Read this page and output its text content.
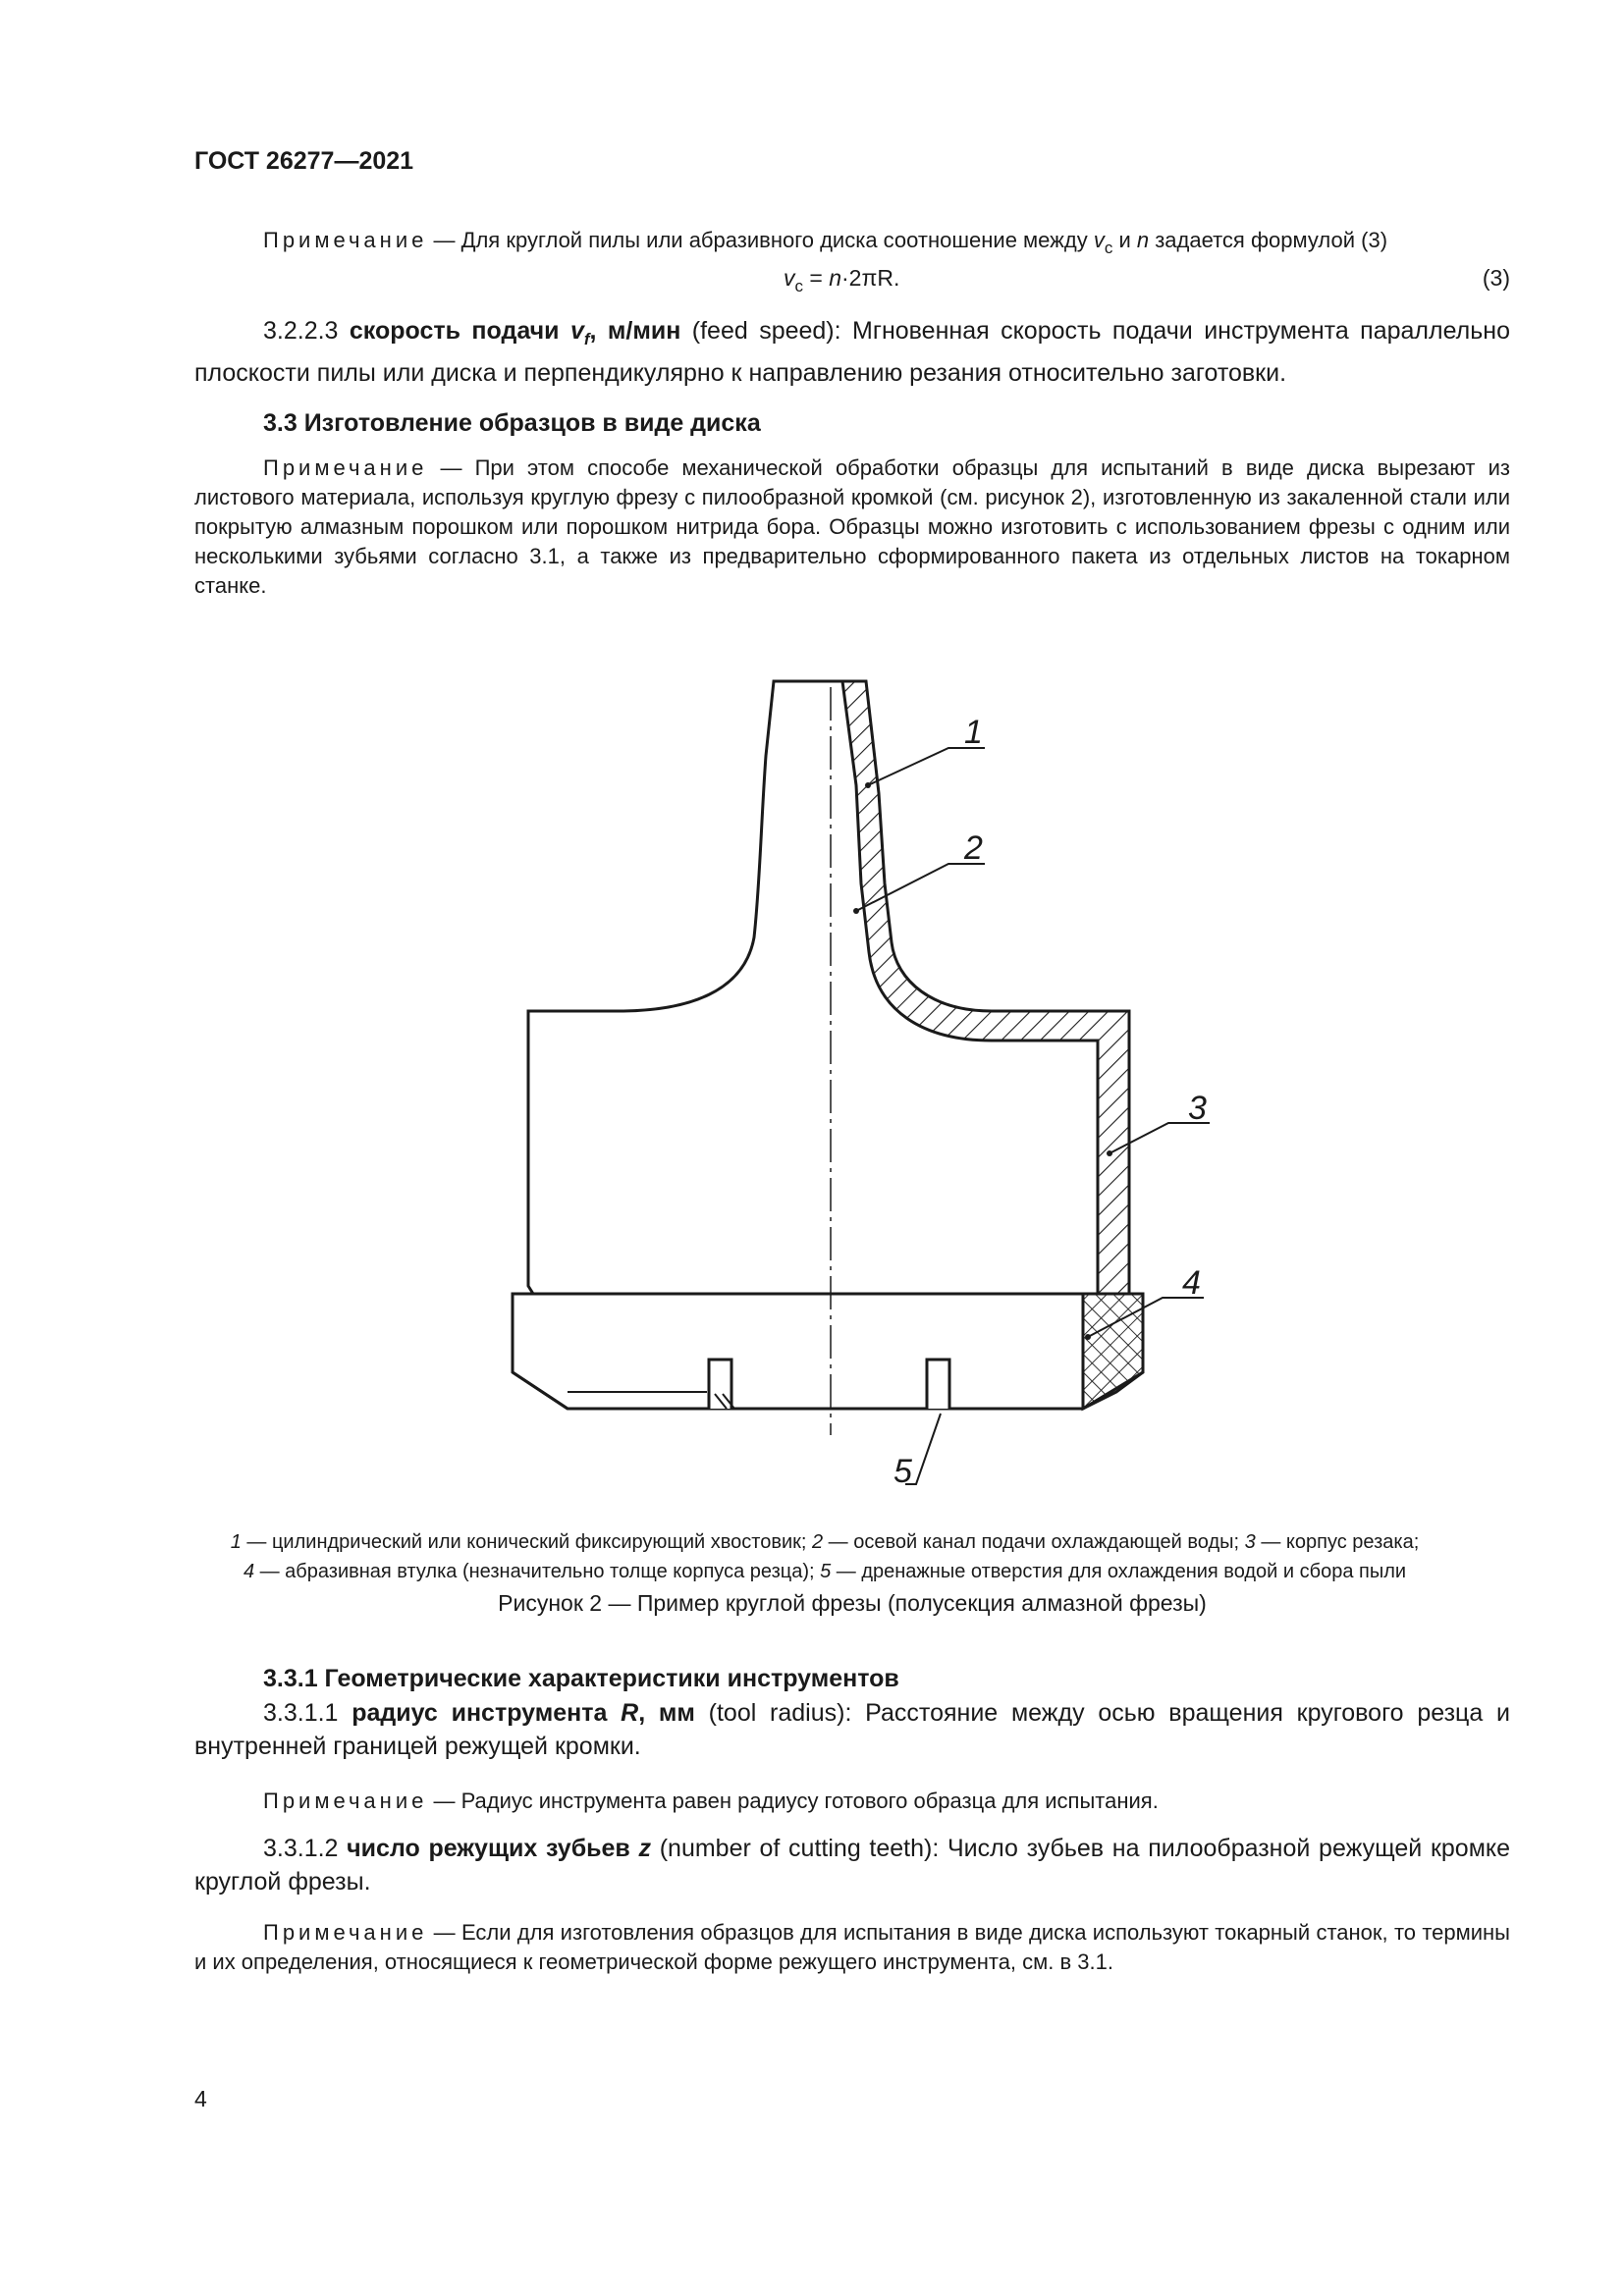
ГОСТ 26277—2021
Примечание — Для круглой пилы или абразивного диска соотношение между $v_c$ и n задается формулой (3)
$v_c = n\cdot 2\pi R$.	(3)
3.2.2.3 скорость подачи $v_f$, м/мин (feed speed): Мгновенная скорость подачи инструмента параллельно плоскости пилы или диска и перпендикулярно к направлению резания относительно заготовки.
3.3 Изготовление образцов в виде диска
Примечание — При этом способе механической обработки образцы для испытаний в виде диска вырезают из листового материала, используя круглую фрезу с пилообразной кромкой (см. рисунок 2), изготовленную из закаленной стали или покрытую алмазным порошком или порошком нитрида бора. Образцы можно изготовить с использованием фрезы с одним или несколькими зубьями согласно 3.1, а также из предварительно сформированного пакета из отдельных листов на токарном станке.
1
2
3
4
5
1 — цилиндрический или конический фиксирующий хвостовик; 2 — осевой канал подачи охлаждающей воды; 3 — корпус резака;
4 — абразивная втулка (незначительно толще корпуса резца); 5 — дренажные отверстия для охлаждения водой и сбора пыли
Рисунок 2 — Пример круглой фрезы (полусекция алмазной фрезы)
3.3.1 Геометрические характеристики инструментов
3.3.1.1 радиус инструмента R, мм (tool radius): Расстояние между осью вращения кругового резца и внутренней границей режущей кромки.
Примечание — Радиус инструмента равен радиусу готового образца для испытания.
3.3.1.2 число режущих зубьев z (number of cutting teeth): Число зубьев на пилообразной режущей кромке круглой фрезы.
Примечание — Если для изготовления образцов для испытания в виде диска используют токарный станок, то термины и их определения, относящиеся к геометрической форме режущего инструмента, см. в 3.1.
4
